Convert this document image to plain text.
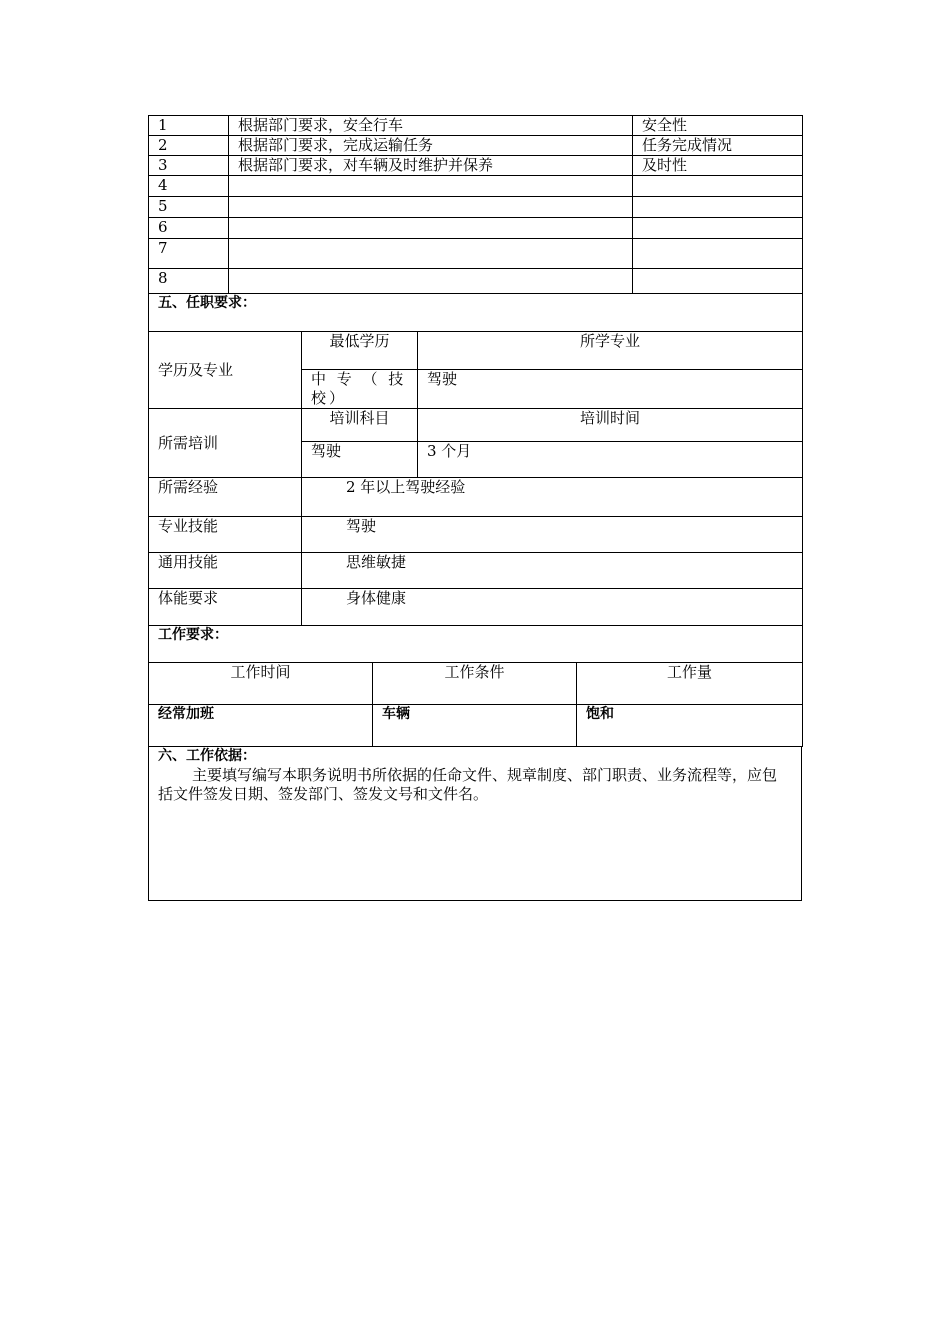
1	根据部门要求，安全行车	安全性
2	根据部门要求，完成运输任务	任务完成情况
3	根据部门要求，对车辆及时维护并保养	及时性
4		
5		
6		
7		
8		
五、任职要求：		
学历及专业	最低学历	所学专业
	中 专 （ 技 校）	驾驶
所需培训	培训科目	培训时间
	驾驶	3 个月
所需经验	2 年以上驾驶经验	
专业技能	驾驶	
通用技能	思维敏捷	
体能要求	身体健康	
工作要求：		
工作时间	工作条件	工作量
经常加班	车辆	饱和
六、工作依据：
主要填写编写本职务说明书所依据的任命文件、规章制度、部门职责、业务流程等，应包括文件签发日期、签发部门、签发文号和文件名。
